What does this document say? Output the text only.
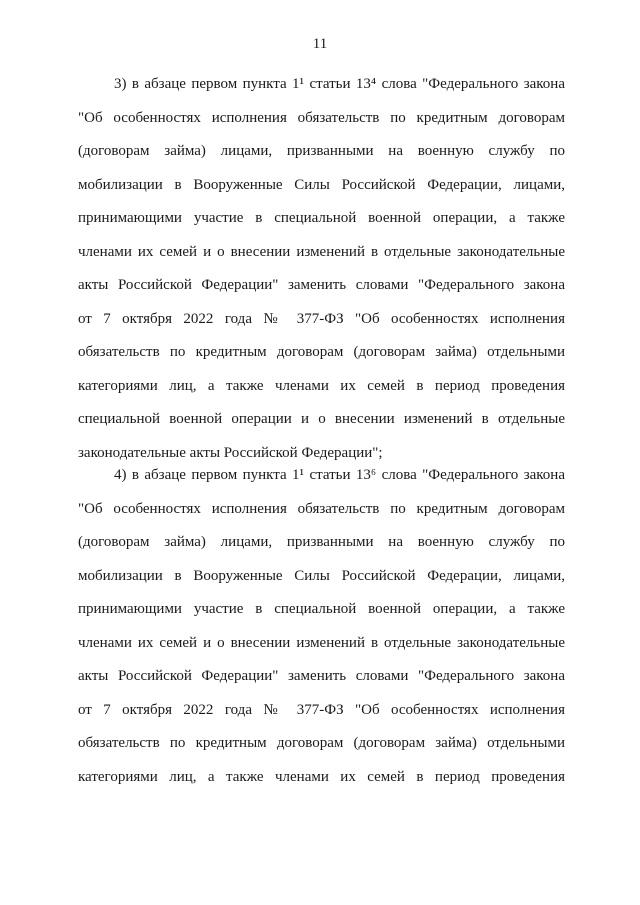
11
3) в абзаце первом пункта 1¹ статьи 13⁴ слова "Федерального закона
"Об особенностях исполнения обязательств по кредитным договорам
(договорам займа) лицами, призванными на военную службу по
мобилизации в Вооруженные Силы Российской Федерации, лицами,
принимающими участие в специальной военной операции, а также
членами их семей и о внесении изменений в отдельные законодательные
акты Российской Федерации" заменить словами "Федерального закона
от 7 октября 2022 года № 377-ФЗ "Об особенностях исполнения
обязательств по кредитным договорам (договорам займа) отдельными
категориями лиц, а также членами их семей в период проведения
специальной военной операции и о внесении изменений в отдельные
законодательные акты Российской Федерации";
4) в абзаце первом пункта 1¹ статьи 13⁶ слова "Федерального закона
"Об особенностях исполнения обязательств по кредитным договорам
(договорам займа) лицами, призванными на военную службу по
мобилизации в Вооруженные Силы Российской Федерации, лицами,
принимающими участие в специальной военной операции, а также
членами их семей и о внесении изменений в отдельные законодательные
акты Российской Федерации" заменить словами "Федерального закона
от 7 октября 2022 года № 377-ФЗ "Об особенностях исполнения
обязательств по кредитным договорам (договорам займа) отдельными
категориями лиц, а также членами их семей в период проведения
